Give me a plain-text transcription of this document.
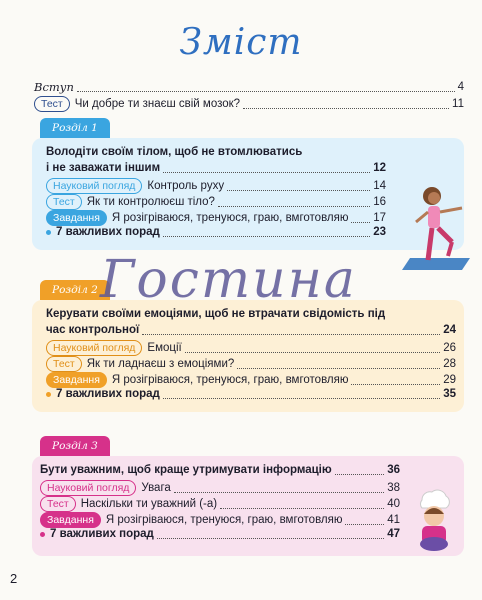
Зміст
Вступ	4
Тест	Чи добре ти знаєш свій мозок?	11
Розділ 1
Володіти своїм тілом, щоб не втомлюватись
і не заважати іншим	12
Науковий погляд	Контроль руху	14
Тест	Як ти контролюєш тіло?	16
Завдання	Я розігріваюся, тренуюся, граю, вмготовляю 17
7 важливих порад	23
Розділ 2
Керувати своїми емоціями, щоб не втрачати свідомість під
час контрольної	24
Науковий погляд	Емоції	26
Тест	Як ти ладнаєш з емоціями?	28
Завдання	Я розігріваюся, тренуюся, граю, вмготовляю	29
7 важливих порад	35
Розділ 3
Бути уважним, щоб краще утримувати інформацію	36
Науковий погляд	Увага	38
Тест	Наскільки ти уважний (-а)	40
Завдання	Я розігріваюся, тренуюся, граю, вмготовляю	41
7 важливих порад	47
Гостина
2
